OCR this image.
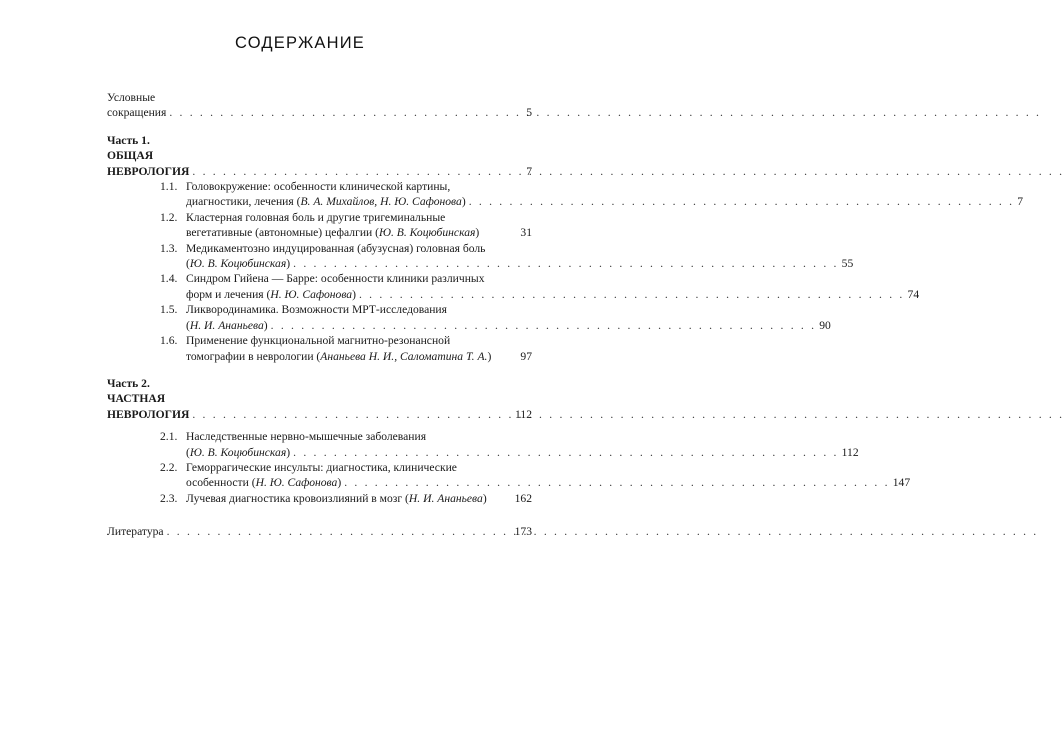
СОДЕРЖАНИЕ
Условные сокращения . . .	5
Часть 1. ОБЩАЯ НЕВРОЛОГИЯ . . .	7
1.1. Головокружение: особенности клинической картины,
диагностики, лечения (В. А. Михайлов, Н. Ю. Сафонова) . . .	7
1.2. Кластерная головная боль и другие тригеминальные
вегетативные (автономные) цефалгии (Ю. В. Коцюбинская)	31
1.3. Медикаментозно индуцированная (абузусная) головная боль
(Ю. В. Коцюбинская) . . .	55
1.4. Синдром Гийена — Барре: особенности клиники различных
форм и лечения (Н. Ю. Сафонова) . . .	74
1.5. Ликвородинамика. Возможности МРТ-исследования
(Н. И. Ананьева) . . .	90
1.6. Применение функциональной магнитно-резонансной
томографии в неврологии (Ананьева Н. И., Саломатина Т. А.)	97
Часть 2. ЧАСТНАЯ НЕВРОЛОГИЯ . . .	112
2.1. Наследственные нервно-мышечные заболевания
(Ю. В. Коцюбинская) . . .	112
2.2. Геморрагические инсульты: диагностика, клинические
особенности (Н. Ю. Сафонова) . . .	147
2.3. Лучевая диагностика кровоизлияний в мозг (Н. И. Ананьева)	162
Литература . . .	173
